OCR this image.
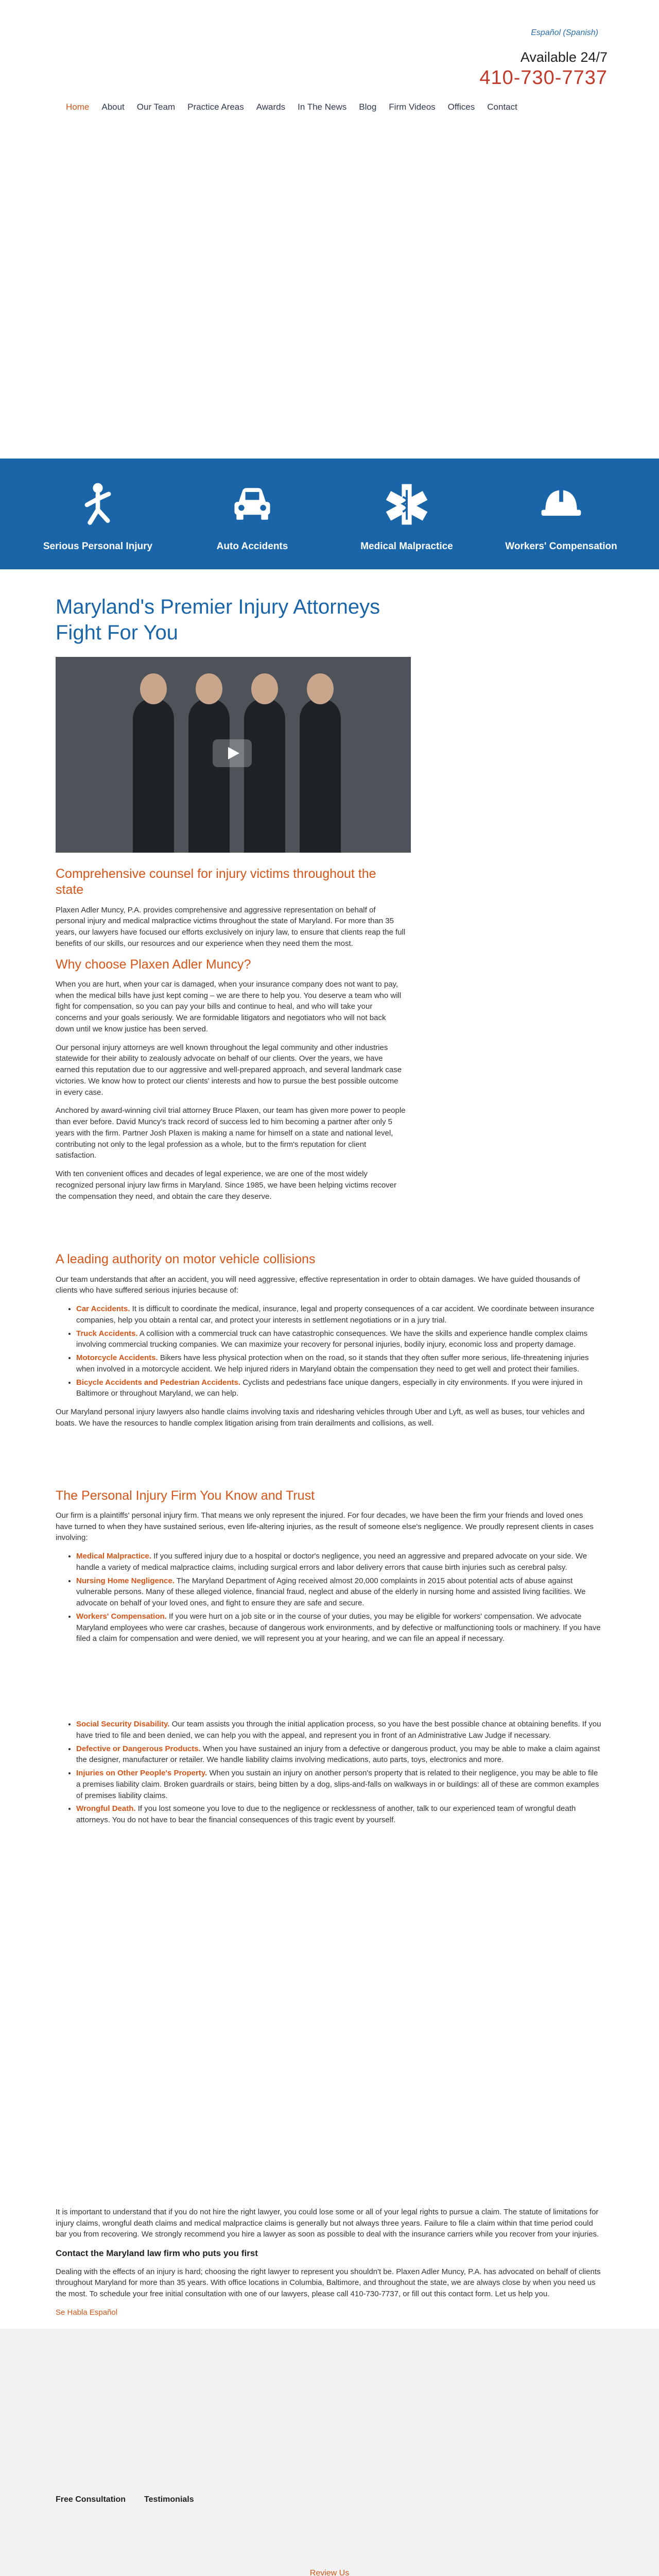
Español (Spanish)
Available 24/7
410-730-7737
Home About Our Team Practice Areas Awards In The News Blog Firm Videos Offices Contact
Serious Personal Injury	Auto Accidents	Medical Malpractice	Workers' Compensation
Maryland's Premier Injury Attorneys Fight For You
Comprehensive counsel for injury victims throughout the state

Plaxen Adler Muncy, P.A. provides comprehensive and aggressive representation on behalf of personal injury and medical malpractice victims throughout the state of Maryland. For more than 35 years, our lawyers have focused our efforts exclusively on injury law, to ensure that clients reap the full benefits of our skills, our resources and our experience when they need them the most.

Why choose Plaxen Adler Muncy?

When you are hurt, when your car is damaged, when your insurance company does not want to pay, when the medical bills have just kept coming – we are there to help you. You deserve a team who will fight for compensation, so you can pay your bills and continue to heal, and who will take your concerns and your goals seriously. We are formidable litigators and negotiators who will not back down until we know justice has been served.

Our personal injury attorneys are well known throughout the legal community and other industries statewide for their ability to zealously advocate on behalf of our clients. Over the years, we have earned this reputation due to our aggressive and well-prepared approach, and several landmark case victories. We know how to protect our clients' interests and how to pursue the best possible outcome in every case.

Anchored by award-winning civil trial attorney Bruce Plaxen, our team has given more power to people than ever before. David Muncy's track record of success led to him becoming a partner after only 5 years with the firm. Partner Josh Plaxen is making a name for himself on a state and national level, contributing not only to the legal profession as a whole, but to the firm's reputation for client satisfaction.

With ten convenient offices and decades of legal experience, we are one of the most widely recognized personal injury law firms in Maryland. Since 1985, we have been helping victims recover the compensation they need, and obtain the care they deserve.

A leading authority on motor vehicle collisions

Our team understands that after an accident, you will need aggressive, effective representation in order to obtain damages. We have guided thousands of clients who have suffered serious injuries because of:

• Car Accidents. It is difficult to coordinate the medical, insurance, legal and property consequences of a car accident. We coordinate between insurance companies, help you obtain a rental car, and protect your interests in settlement negotiations or in a jury trial.
• Truck Accidents. A collision with a commercial truck can have catastrophic consequences. We have the skills and experience handle complex claims involving commercial trucking companies. We can maximize your recovery for personal injuries, bodily injury, economic loss and property damage.
• Motorcycle Accidents. Bikers have less physical protection when on the road, so it stands that they often suffer more serious, life-threatening injuries when involved in a motorcycle accident. We help injured riders in Maryland obtain the compensation they need to get well and protect their families.
• Bicycle Accidents and Pedestrian Accidents. Cyclists and pedestrians face unique dangers, especially in city environments. If you were injured in Baltimore or throughout Maryland, we can help.

Our Maryland personal injury lawyers also handle claims involving taxis and ridesharing vehicles through Uber and Lyft, as well as buses, tour vehicles and boats. We have the resources to handle complex litigation arising from train derailments and collisions, as well.

The Personal Injury Firm You Know and Trust

Our firm is a plaintiffs' personal injury firm. That means we only represent the injured. For four decades, we have been the firm your friends and loved ones have turned to when they have sustained serious, even life-altering injuries, as the result of someone else's negligence. We proudly represent clients in cases involving:

• Medical Malpractice. If you suffered injury due to a hospital or doctor's negligence, you need an aggressive and prepared advocate on your side. We handle a variety of medical malpractice claims, including surgical errors and labor delivery errors that cause birth injuries such as cerebral palsy.
• Nursing Home Negligence. The Maryland Department of Aging received almost 20,000 complaints in 2015 about potential acts of abuse against vulnerable persons. Many of these alleged violence, financial fraud, neglect and abuse of the elderly in nursing home and assisted living facilities. We advocate on behalf of your loved ones, and fight to ensure they are safe and secure.
• Workers' Compensation. If you were hurt on a job site or in the course of your duties, you may be eligible for workers' compensation. We advocate Maryland employees who were car crashes, because of dangerous work environments, and by defective or malfunctioning tools or machinery. If you have filed a claim for compensation and were denied, we will represent you at your hearing, and we can file an appeal if necessary.
• Social Security Disability. Our team assists you through the initial application process, so you have the best possible chance at obtaining benefits. If you have tried to file and been denied, we can help you with the appeal, and represent you in front of an Administrative Law Judge if necessary.
• Defective or Dangerous Products. When you have sustained an injury from a defective or dangerous product, you may be able to make a claim against the designer, manufacturer or retailer. We handle liability claims involving medications, auto parts, toys, electronics and more.
• Injuries on Other People's Property. When you sustain an injury on another person's property that is related to their negligence, you may be able to file a premises liability claim. Broken guardrails or stairs, being bitten by a dog, slips-and-falls on walkways in or buildings: all of these are common examples of premises liability claims.
• Wrongful Death. If you lost someone you love to due to the negligence or recklessness of another, talk to our experienced team of wrongful death attorneys. You do not have to bear the financial consequences of this tragic event by yourself.

It is important to understand that if you do not hire the right lawyer, you could lose some or all of your legal rights to pursue a claim. The statute of limitations for injury claims, wrongful death claims and medical malpractice claims is generally but not always three years. Failure to file a claim within that time period could bar you from recovering. We strongly recommend you hire a lawyer as soon as possible to deal with the insurance carriers while you recover from your injuries.

Contact the Maryland law firm who puts you first

Dealing with the effects of an injury is hard; choosing the right lawyer to represent you shouldn't be. Plaxen Adler Muncy, P.A. has advocated on behalf of clients throughout Maryland for more than 35 years. With office locations in Columbia, Baltimore, and throughout the state, we are always close by when you need us the most. To schedule your free initial consultation with one of our lawyers, please call 410-730-7737, or fill out this contact form. Let us help you.

Se Habla Español
Free Consultation Testimonials
Review Us
